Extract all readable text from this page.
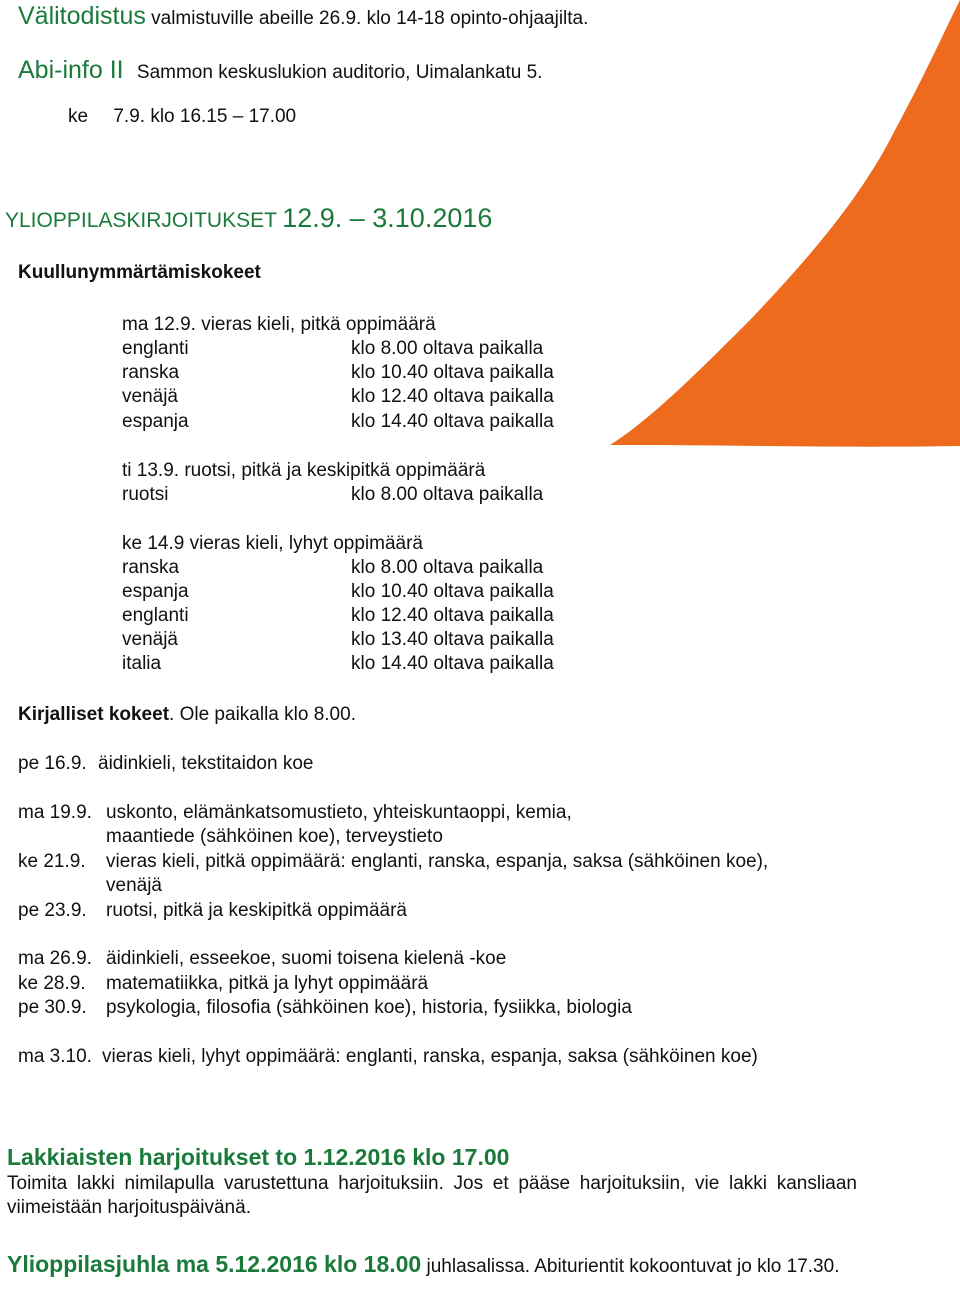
Välitodistus valmistuville abeille 26.9. klo 14-18 opinto-ohjaajilta.
Abi-info II Sammon keskuslukion auditorio, Uimalankatu 5.
ke 7.9. klo 16.15 – 17.00
YLIOPPILASKIRJOITUKSET 12.9. – 3.10.2016
Kuullunymmärtämiskokeet
ma 12.9. vieras kieli, pitkä oppimäärä
englanti	klo 8.00 oltava paikalla
ranska	klo 10.40 oltava paikalla
venäjä	klo 12.40 oltava paikalla
espanja	klo 14.40 oltava paikalla
ti 13.9. ruotsi, pitkä ja keskipitkä oppimäärä
ruotsi	klo 8.00 oltava paikalla
ke 14.9 vieras kieli, lyhyt oppimäärä
ranska	klo 8.00 oltava paikalla
espanja	klo 10.40 oltava paikalla
englanti	klo 12.40 oltava paikalla
venäjä	klo 13.40 oltava paikalla
italia	klo 14.40 oltava paikalla
Kirjalliset kokeet. Ole paikalla klo 8.00.
pe 16.9. äidinkieli, tekstitaidon koe
ma 19.9. uskonto, elämänkatsomustieto, yhteiskuntaoppi, kemia,
maantiede (sähköinen koe), terveystieto
ke 21.9. vieras kieli, pitkä oppimäärä: englanti, ranska, espanja, saksa (sähköinen koe),
venäjä
pe 23.9. ruotsi, pitkä ja keskipitkä oppimäärä
ma 26.9. äidinkieli, esseekoe, suomi toisena kielenä -koe
ke 28.9. matematiikka, pitkä ja lyhyt oppimäärä
pe 30.9. psykologia, filosofia (sähköinen koe), historia, fysiikka, biologia
ma 3.10. vieras kieli, lyhyt oppimäärä: englanti, ranska, espanja, saksa (sähköinen koe)
Lakkiaisten harjoitukset to 1.12.2016 klo 17.00
Toimita lakki nimilapulla varustettuna harjoituksiin. Jos et pääse harjoituksiin, vie lakki kansliaan viimeistään harjoituspäivänä.
Ylioppilasjuhla ma 5.12.2016 klo 18.00 juhlasalissa. Abiturientit kokoontuvat jo klo 17.30.
